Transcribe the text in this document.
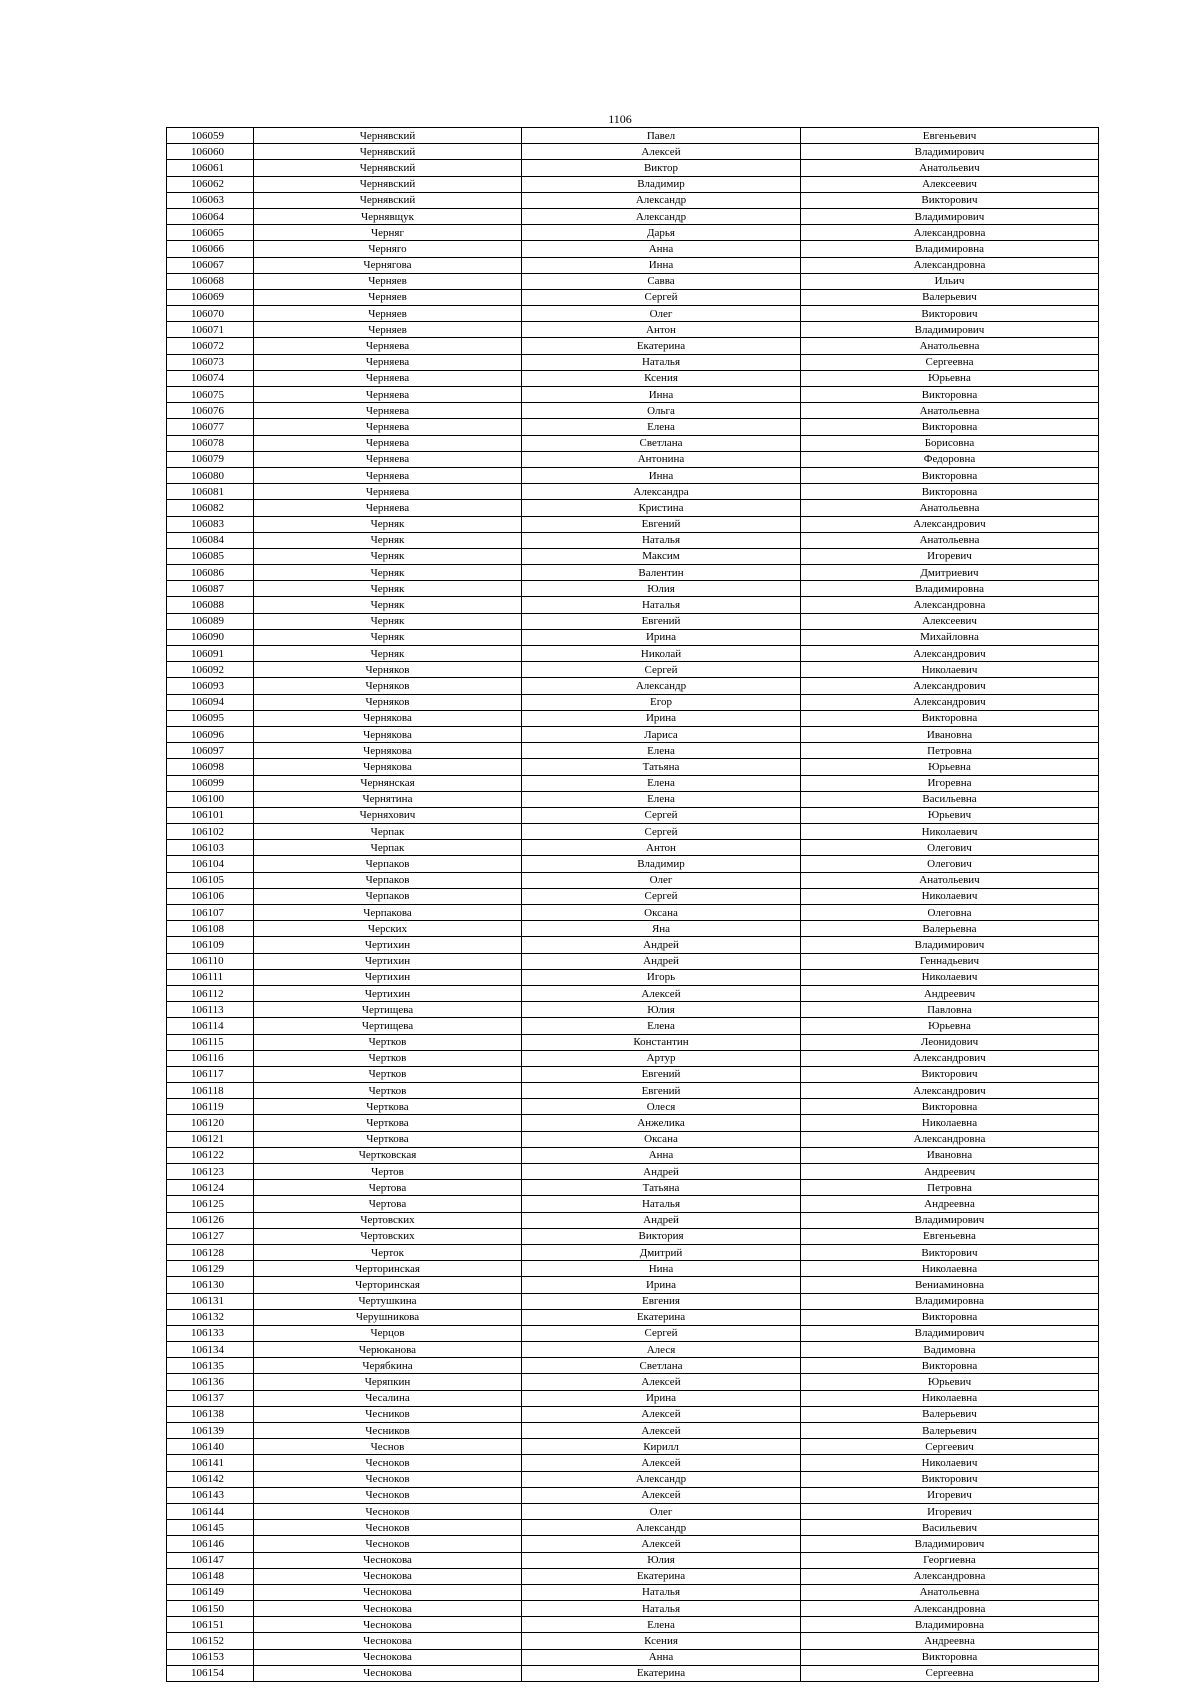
1106
106059	Чернявский	Павел	Евгеньевич
106060	Чернявский	Алексей	Владимирович
106061	Чернявский	Виктор	Анатольевич
106062	Чернявский	Владимир	Алексеевич
106063	Чернявский	Александр	Викторович
106064	Чернявщук	Александр	Владимирович
106065	Черняг	Дарья	Александровна
106066	Черняго	Анна	Владимировна
106067	Чернягова	Инна	Александровна
106068	Черняев	Савва	Ильич
106069	Черняев	Сергей	Валерьевич
106070	Черняев	Олег	Викторович
106071	Черняев	Антон	Владимирович
106072	Черняева	Екатерина	Анатольевна
106073	Черняева	Наталья	Сергеевна
106074	Черняева	Ксения	Юрьевна
106075	Черняева	Инна	Викторовна
106076	Черняева	Ольга	Анатольевна
106077	Черняева	Елена	Викторовна
106078	Черняева	Светлана	Борисовна
106079	Черняева	Антонина	Федоровна
106080	Черняева	Инна	Викторовна
106081	Черняева	Александра	Викторовна
106082	Черняева	Кристина	Анатольевна
106083	Черняк	Евгений	Александрович
106084	Черняк	Наталья	Анатольевна
106085	Черняк	Максим	Игоревич
106086	Черняк	Валентин	Дмитриевич
106087	Черняк	Юлия	Владимировна
106088	Черняк	Наталья	Александровна
106089	Черняк	Евгений	Алексеевич
106090	Черняк	Ирина	Михайловна
106091	Черняк	Николай	Александрович
106092	Черняков	Сергей	Николаевич
106093	Черняков	Александр	Александрович
106094	Черняков	Егор	Александрович
106095	Чернякова	Ирина	Викторовна
106096	Чернякова	Лариса	Ивановна
106097	Чернякова	Елена	Петровна
106098	Чернякова	Татьяна	Юрьевна
106099	Чернянская	Елена	Игоревна
106100	Чернятина	Елена	Васильевна
106101	Черняхович	Сергей	Юрьевич
106102	Черпак	Сергей	Николаевич
106103	Черпак	Антон	Олегович
106104	Черпаков	Владимир	Олегович
106105	Черпаков	Олег	Анатольевич
106106	Черпаков	Сергей	Николаевич
106107	Черпакова	Оксана	Олеговна
106108	Черских	Яна	Валерьевна
106109	Чертихин	Андрей	Владимирович
106110	Чертихин	Андрей	Геннадьевич
106111	Чертихин	Игорь	Николаевич
106112	Чертихин	Алексей	Андреевич
106113	Чертищева	Юлия	Павловна
106114	Чертищева	Елена	Юрьевна
106115	Чертков	Константин	Леонидович
106116	Чертков	Артур	Александрович
106117	Чертков	Евгений	Викторович
106118	Чертков	Евгений	Александрович
106119	Черткова	Олеся	Викторовна
106120	Черткова	Анжелика	Николаевна
106121	Черткова	Оксана	Александровна
106122	Чертковская	Анна	Ивановна
106123	Чертов	Андрей	Андреевич
106124	Чертова	Татьяна	Петровна
106125	Чертова	Наталья	Андреевна
106126	Чертовских	Андрей	Владимирович
106127	Чертовских	Виктория	Евгеньевна
106128	Черток	Дмитрий	Викторович
106129	Черторинская	Нина	Николаевна
106130	Черторинская	Ирина	Вениаминовна
106131	Чертушкина	Евгения	Владимировна
106132	Черушникова	Екатерина	Викторовна
106133	Черцов	Сергей	Владимирович
106134	Черюканова	Алеся	Вадимовна
106135	Черябкина	Светлана	Викторовна
106136	Черяпкин	Алексей	Юрьевич
106137	Чесалина	Ирина	Николаевна
106138	Чесников	Алексей	Валерьевич
106139	Чесников	Алексей	Валерьевич
106140	Чеснов	Кирилл	Сергеевич
106141	Чесноков	Алексей	Николаевич
106142	Чесноков	Александр	Викторович
106143	Чесноков	Алексей	Игоревич
106144	Чесноков	Олег	Игоревич
106145	Чесноков	Александр	Васильевич
106146	Чесноков	Алексей	Владимирович
106147	Чеснокова	Юлия	Георгиевна
106148	Чеснокова	Екатерина	Александровна
106149	Чеснокова	Наталья	Анатольевна
106150	Чеснокова	Наталья	Александровна
106151	Чеснокова	Елена	Владимировна
106152	Чеснокова	Ксения	Андреевна
106153	Чеснокова	Анна	Викторовна
106154	Чеснокова	Екатерина	Сергеевна
